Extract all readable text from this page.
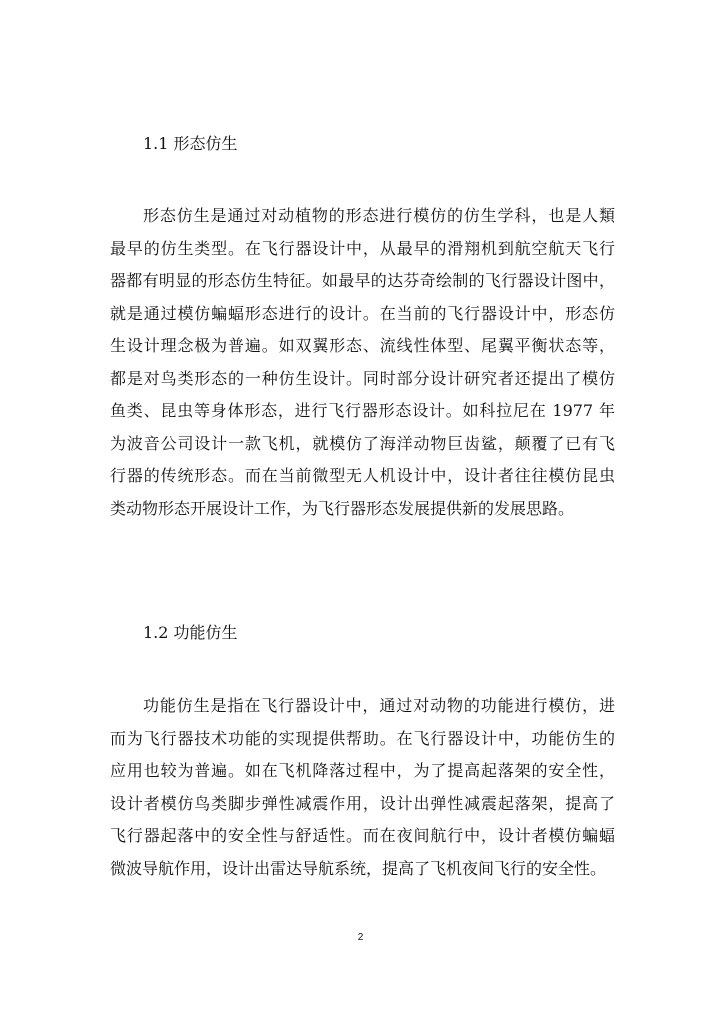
1.1 形态仿生
形态仿生是通过对动植物的形态进行模仿的仿生学科，也是人類
最早的仿生类型。在飞行器设计中，从最早的滑翔机到航空航天飞行
器都有明显的形态仿生特征。如最早的达芬奇绘制的飞行器设计图中，
就是通过模仿蝙蝠形态进行的设计。在当前的飞行器设计中，形态仿
生设计理念极为普遍。如双翼形态、流线性体型、尾翼平衡状态等，
都是对鸟类形态的一种仿生设计。同时部分设计研究者还提出了模仿
鱼类、昆虫等身体形态，进行飞行器形态设计。如科拉尼在 1977 年
为波音公司设计一款飞机，就模仿了海洋动物巨齿鲨，颠覆了已有飞
行器的传统形态。而在当前微型无人机设计中，设计者往往模仿昆虫
类动物形态开展设计工作，为飞行器形态发展提供新的发展思路。
1.2 功能仿生
功能仿生是指在飞行器设计中，通过对动物的功能进行模仿，进
而为飞行器技术功能的实现提供帮助。在飞行器设计中，功能仿生的
应用也较为普遍。如在飞机降落过程中，为了提高起落架的安全性，
设计者模仿鸟类脚步弹性减震作用，设计出弹性减震起落架，提高了
飞行器起落中的安全性与舒适性。而在夜间航行中，设计者模仿蝙蝠
微波导航作用，设计出雷达导航系统，提高了飞机夜间飞行的安全性。
2
